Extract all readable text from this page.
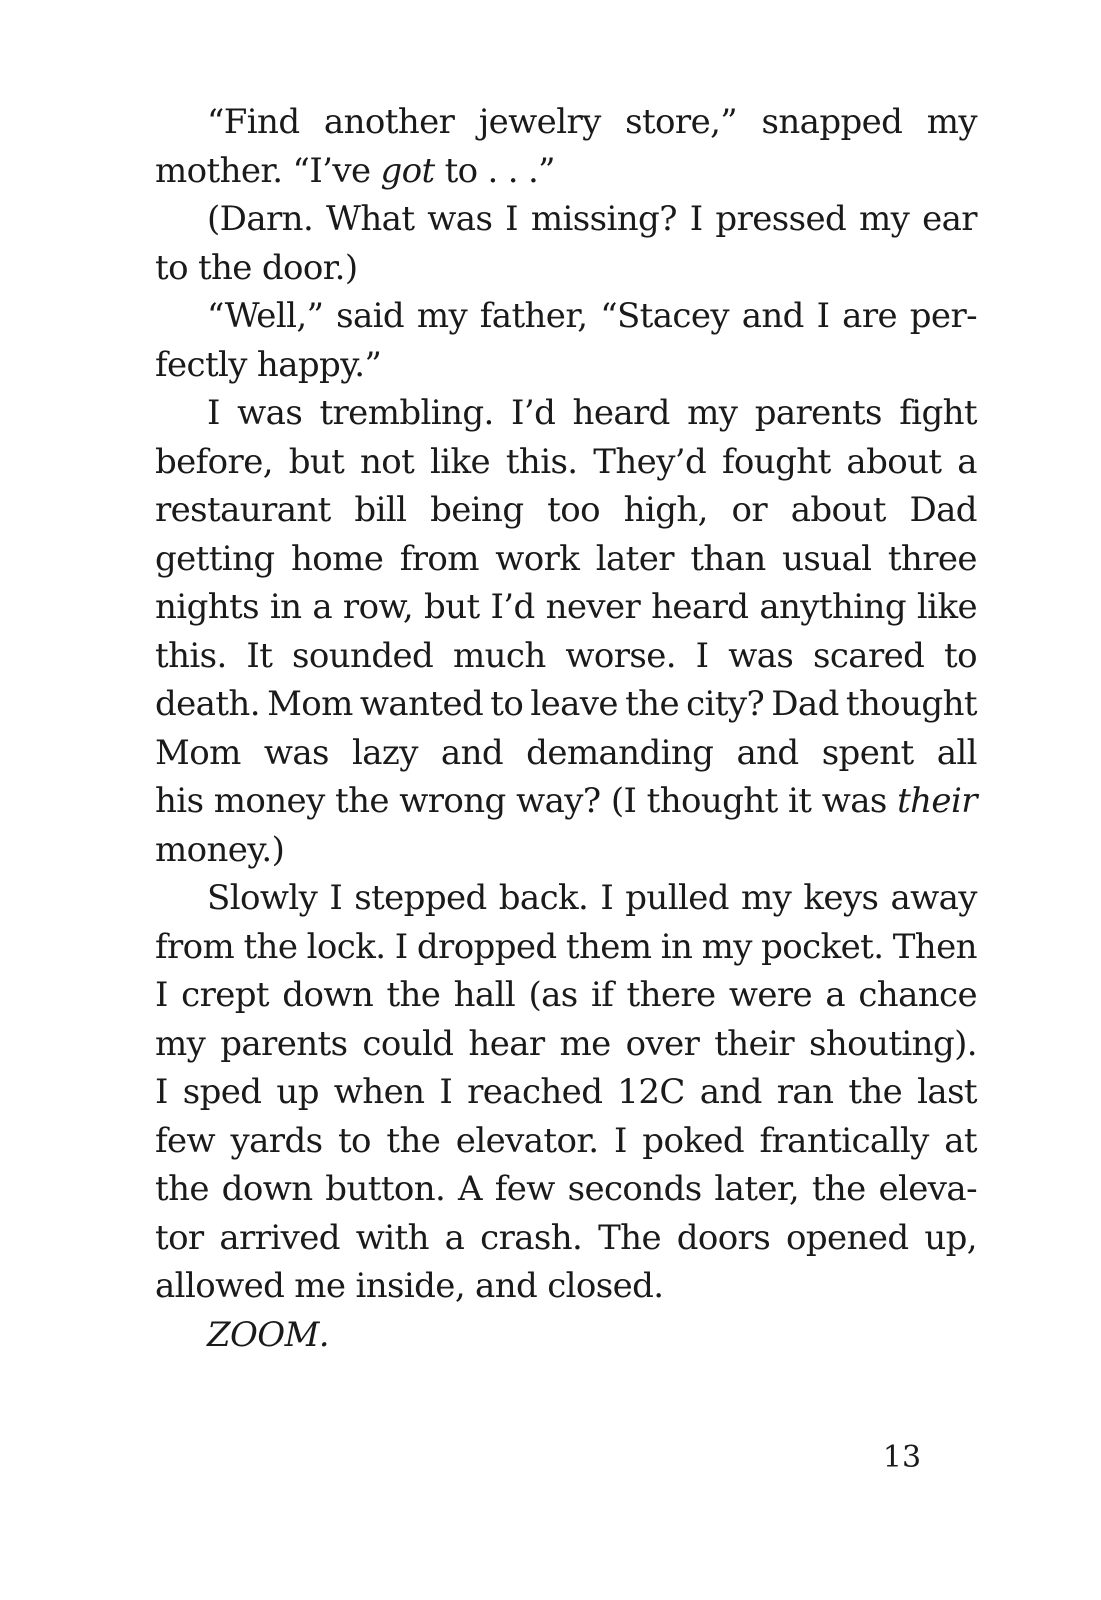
“Find another jewelry store,” snapped my
mother. “I’ve got to . . .”
(Darn. What was I missing? I pressed my ear
to the door.)
“Well,” said my father, “Stacey and I are per-
fectly happy.”
I was trembling. I’d heard my parents fight
before, but not like this. They’d fought about a
restaurant bill being too high, or about Dad
getting home from work later than usual three
nights in a row, but I’d never heard anything like
this. It sounded much worse. I was scared to
death. Mom wanted to leave the city? Dad thought
Mom was lazy and demanding and spent all
his money the wrong way? (I thought it was their
money.)
Slowly I stepped back. I pulled my keys away
from the lock. I dropped them in my pocket. Then
I crept down the hall (as if there were a chance
my parents could hear me over their shouting).
I sped up when I reached 12C and ran the last
few yards to the elevator. I poked frantically at
the down button. A few seconds later, the eleva-
tor arrived with a crash. The doors opened up,
allowed me inside, and closed.
ZOOM.
13
